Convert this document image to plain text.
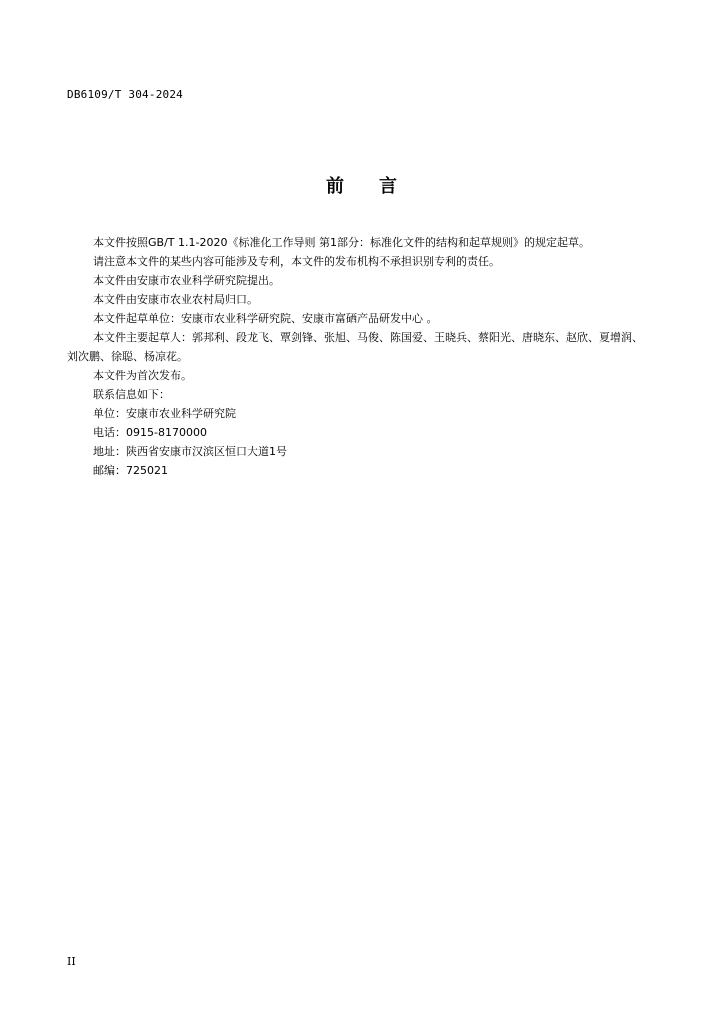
DB6109/T 304-2024
前 言

本文件按照GB/T 1.1-2020《标准化工作导则 第1部分：标准化文件的结构和起草规则》的规定起草。

请注意本文件的某些内容可能涉及专利，本文件的发布机构不承担识别专利的责任。

本文件由安康市农业科学研究院提出。

本文件由安康市农业农村局归口。

本文件起草单位：安康市农业科学研究院、安康市富硒产品研发中心 。

本文件主要起草人：郭邦利、段龙飞、覃剑锋、张旭、马俊、陈国爱、王晓兵、蔡阳光、唐晓东、赵欣、夏增润、刘次鹏、徐聪、杨凉花。

本文件为首次发布。

联系信息如下：

单位：安康市农业科学研究院

电话：0915-8170000

地址：陕西省安康市汉滨区恒口大道1号

邮编：725021

II
